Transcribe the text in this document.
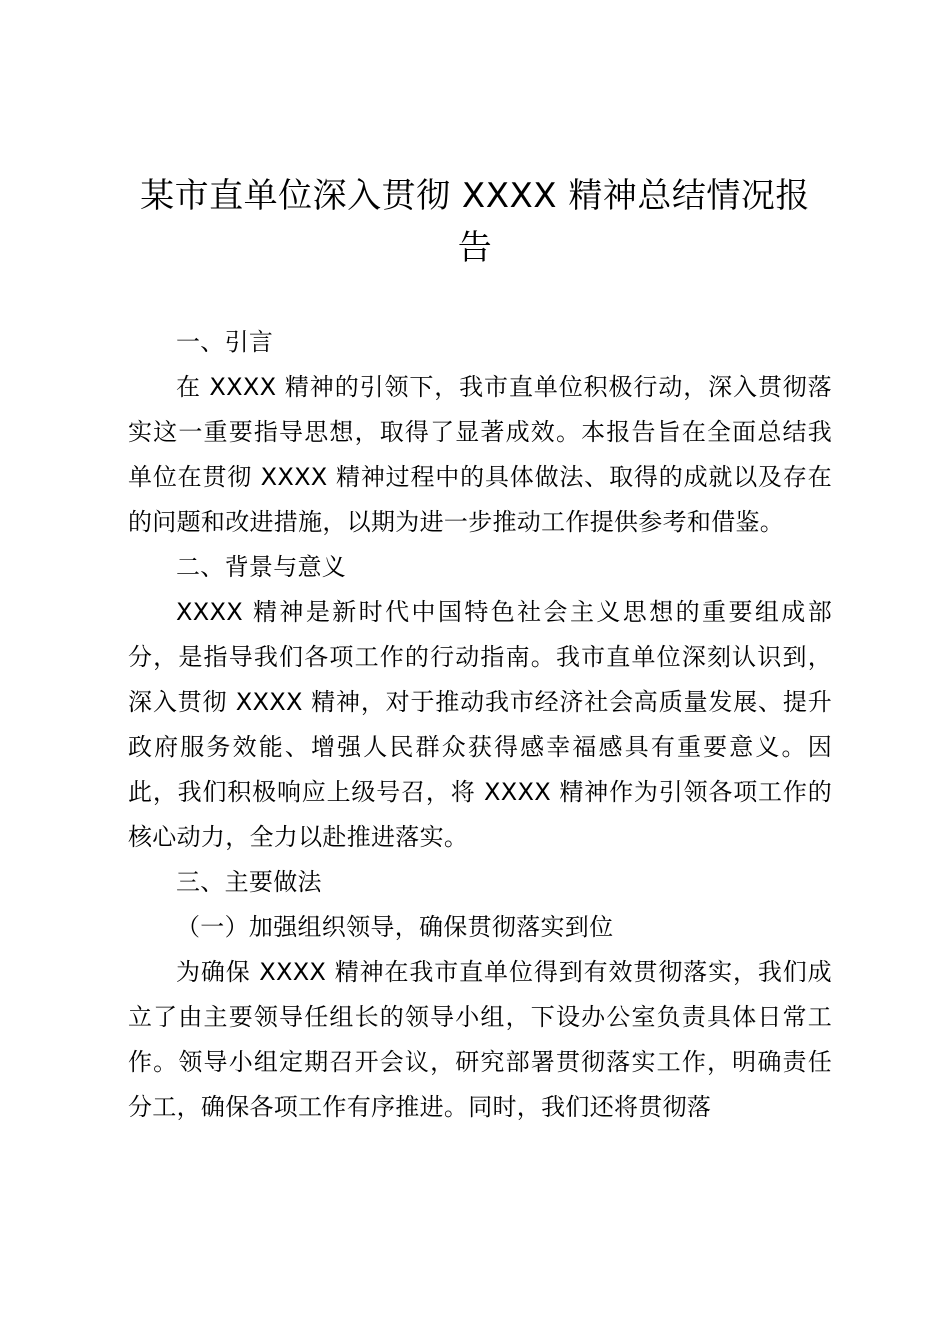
某市直单位深入贯彻 XXXX 精神总结情况报告

一、引言

在 XXXX 精神的引领下，我市直单位积极行动，深入贯彻落实这一重要指导思想，取得了显著成效。本报告旨在全面总结我单位在贯彻 XXXX 精神过程中的具体做法、取得的成就以及存在的问题和改进措施，以期为进一步推动工作提供参考和借鉴。

二、背景与意义

XXXX 精神是新时代中国特色社会主义思想的重要组成部分，是指导我们各项工作的行动指南。我市直单位深刻认识到，深入贯彻 XXXX 精神，对于推动我市经济社会高质量发展、提升政府服务效能、增强人民群众获得感幸福感具有重要意义。因此，我们积极响应上级号召，将 XXXX 精神作为引领各项工作的核心动力，全力以赴推进落实。

三、主要做法

（一）加强组织领导，确保贯彻落实到位

为确保 XXXX 精神在我市直单位得到有效贯彻落实，我们成立了由主要领导任组长的领导小组，下设办公室负责具体日常工作。领导小组定期召开会议，研究部署贯彻落实工作，明确责任分工，确保各项工作有序推进。同时，我们还将贯彻落
